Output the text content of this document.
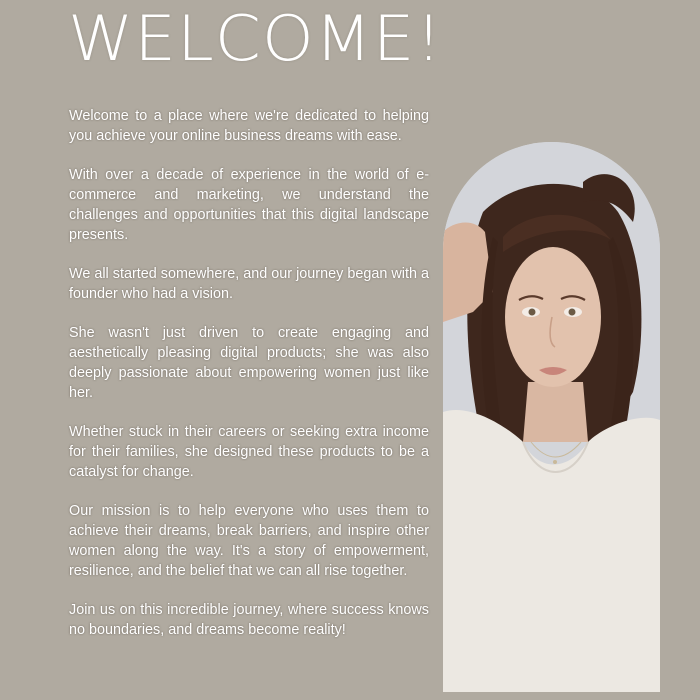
WELCOME!

Welcome to a place where we're dedicated to helping you achieve your online business dreams with ease.

With over a decade of experience in the world of e-commerce and marketing, we understand the challenges and opportunities that this digital landscape presents.

We all started somewhere, and our journey began with a founder who had a vision.

She wasn't just driven to create engaging and aesthetically pleasing digital products; she was also deeply passionate about empowering women just like her.

Whether stuck in their careers or seeking extra income for their families, she designed these products to be a catalyst for change.

Our mission is to help everyone who uses them to achieve their dreams, break barriers, and inspire other women along the way. It's a story of empowerment, resilience, and the belief that we can all rise together.

Join us on this incredible journey, where success knows no boundaries, and dreams become reality!
